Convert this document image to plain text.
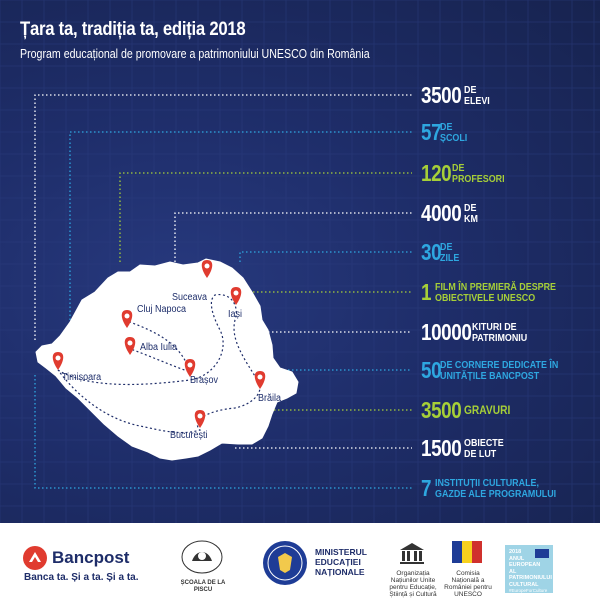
Țara ta, tradiția ta, ediția 2018
Program educațional de promovare a patrimoniului UNESCO din România
Suceava
Iași
Cluj Napoca
Alba Iulia
Timișoara	Brașov
Brăila
București
3500 DE
ELEVI
57
DE
ȘCOLI
120 DE
PROFESORI
4000 DE
KM
30
DE
ZILE
1 FILM ÎN PREMIERĂ DESPRE
OBIECTIVELE UNESCO
10000 KITURI DE
PATRIMONIU
50
DE CORNERE DEDICATE ÎN
UNITĂȚILE BANCPOST
3500 GRAVURI
1500 OBIECTE
DE LUT
7 INSTITUȚII CULTURALE,
GAZDE ALE PROGRAMULUI
Bancpost
Banca ta. Și a ta. Și a ta.	ȘCOALA DE LA PISCU
MINISTERUL
EDUCAȚIEI
NAȚIONALE	Organizația Națiunilor Unite pentru Educație, Știință și Cultură
Comisia Națională a României pentru UNESCO
2018
ANUL EUROPEAN
AL PATRIMONIULUI
CULTURAL
#EuropeForCulture
